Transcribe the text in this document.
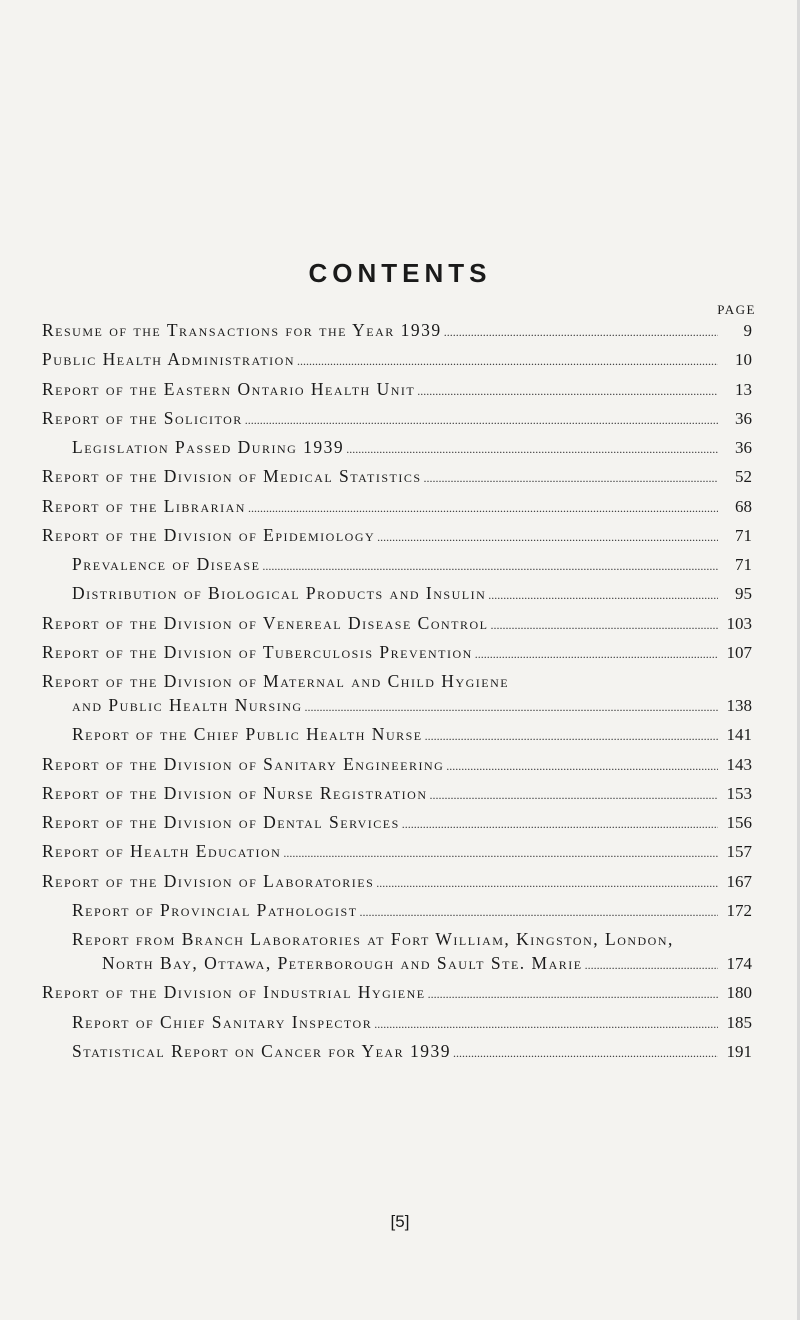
CONTENTS
PAGE
Resume of the Transactions for the Year 1939 .....	9
Public Health Administration .....	10
Report of the Eastern Ontario Health Unit .....	13
Report of the Solicitor .....	36
Legislation Passed During 1939 .....	36
Report of the Division of Medical Statistics .....	52
Report of the Librarian .....	68
Report of the Division of Epidemiology .....	71
Prevalence of Disease .....	71
Distribution of Biological Products and Insulin .....	95
Report of the Division of Venereal Disease Control .....	103
Report of the Division of Tuberculosis Prevention .....	107
Report of the Division of Maternal and Child Hygiene
and Public Health Nursing .....	138
Report of the Chief Public Health Nurse .....	141
Report of the Division of Sanitary Engineering .....	143
Report of the Division of Nurse Registration .....	153
Report of the Division of Dental Services .....	156
Report of Health Education .....	157
Report of the Division of Laboratories .....	167
Report of Provincial Pathologist .....	172
Report from Branch Laboratories at Fort William, Kingston, London,
North Bay, Ottawa, Peterborough and Sault Ste. Marie .....	174
Report of the Division of Industrial Hygiene .....	180
Report of Chief Sanitary Inspector .....	185
Statistical Report on Cancer for Year 1939 .....	191
[5]
